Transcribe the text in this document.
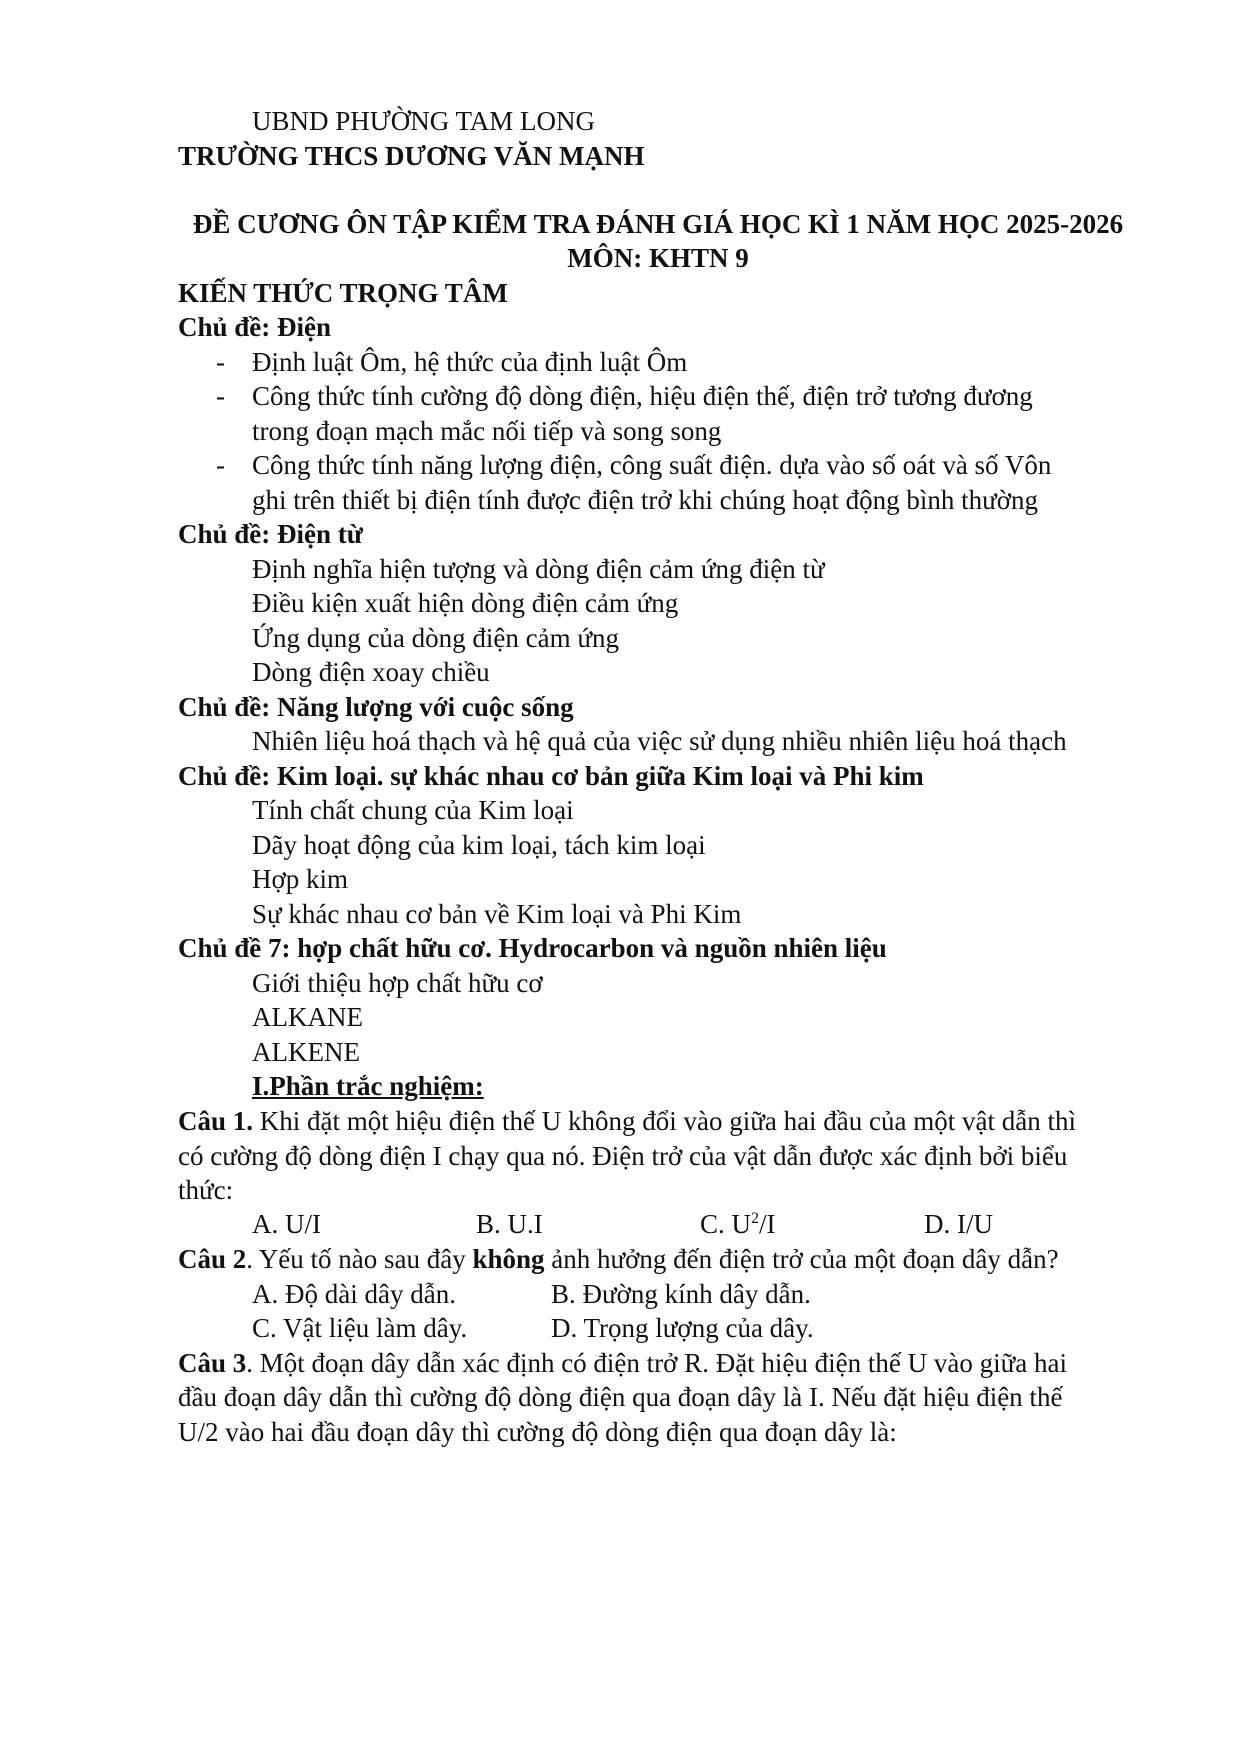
UBND PHƯỜNG TAM LONG
TRƯỜNG THCS DƯƠNG VĂN MẠNH
ĐỀ CƯƠNG ÔN TẬP KIỂM TRA ĐÁNH GIÁ HỌC KÌ 1 NĂM HỌC 2025-2026
MÔN: KHTN 9
KIẾN THỨC TRỌNG TÂM
Chủ đề: Điện
- Định luật Ôm, hệ thức của định luật Ôm
- Công thức tính cường độ dòng điện, hiệu điện thế, điện trở tương đương
trong đoạn mạch mắc nối tiếp và song song
- Công thức tính năng lượng điện, công suất điện. dựa vào số oát và số Vôn
ghi trên thiết bị điện tính được điện trở khi chúng hoạt động bình thường
Chủ đề: Điện từ
Định nghĩa hiện tượng và dòng điện cảm ứng điện từ
Điều kiện xuất hiện dòng điện cảm ứng
Ứng dụng của dòng điện cảm ứng
Dòng điện xoay chiều
Chủ đề: Năng lượng với cuộc sống
Nhiên liệu hoá thạch và hệ quả của việc sử dụng nhiều nhiên liệu hoá thạch
Chủ đề: Kim loại. sự khác nhau cơ bản giữa Kim loại và Phi kim
Tính chất chung của Kim loại
Dãy hoạt động của kim loại, tách kim loại
Hợp kim
Sự khác nhau cơ bản về Kim loại và Phi Kim
Chủ đề 7: hợp chất hữu cơ. Hydrocarbon và nguồn nhiên liệu
Giới thiệu hợp chất hữu cơ
ALKANE
ALKENE
I.Phần trắc nghiệm:
Câu 1. Khi đặt một hiệu điện thế U không đổi vào giữa hai đầu của một vật dẫn thì
có cường độ dòng điện I chạy qua nó. Điện trở của vật dẫn được xác định bởi biểu
thức:
A. U/I	B. U.I	C. $U^2/I$	D. I/U
Câu 2. Yếu tố nào sau đây không ảnh hưởng đến điện trở của một đoạn dây dẫn?
A. Độ dài dây dẫn.	B. Đường kính dây dẫn.
C. Vật liệu làm dây.	D. Trọng lượng của dây.
Câu 3. Một đoạn dây dẫn xác định có điện trở R. Đặt hiệu điện thế U vào giữa hai
đầu đoạn dây dẫn thì cường độ dòng điện qua đoạn dây là I. Nếu đặt hiệu điện thế
U/2 vào hai đầu đoạn dây thì cường độ dòng điện qua đoạn dây là:
